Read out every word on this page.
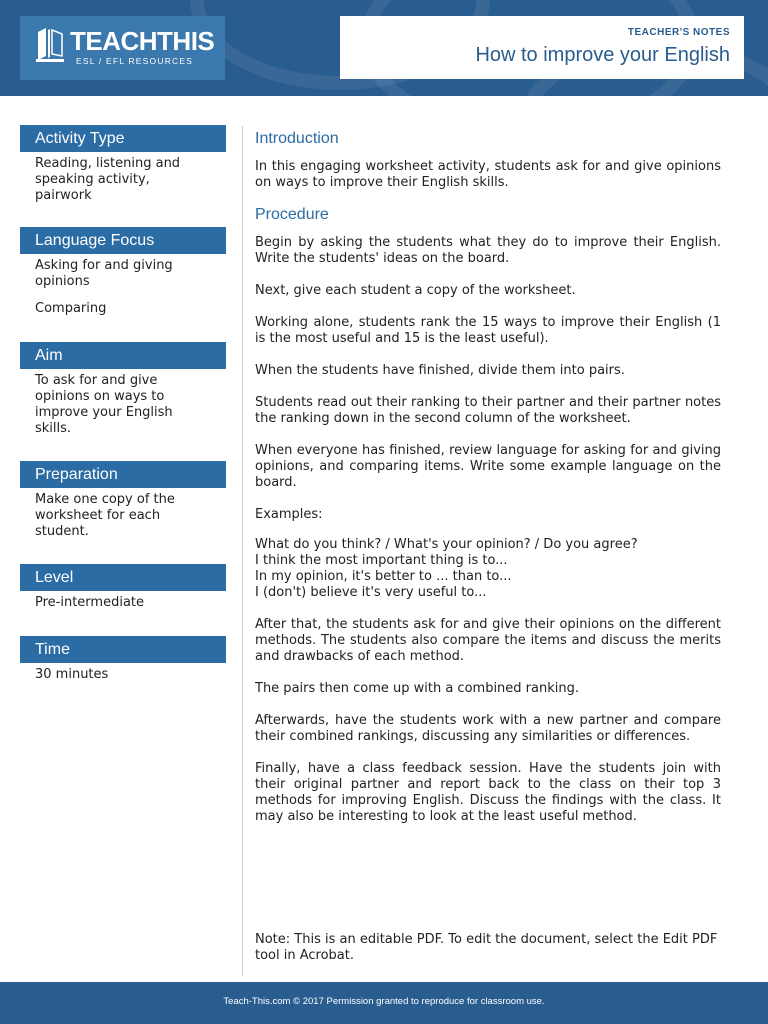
TEACHTHIS
ESL / EFL RESOURCES
TEACHER'S NOTES
How to improve your English
Activity Type

Reading, listening and speaking activity, pairwork

Language Focus

Asking for and giving opinions

Comparing

Aim

To ask for and give opinions on ways to improve your English skills.

Preparation

Make one copy of the worksheet for each student.

Level

Pre-intermediate

Time

30 minutes

Introduction

In this engaging worksheet activity, students ask for and give opinions on ways to improve their English skills.

Procedure

Begin by asking the students what they do to improve their English. Write the students' ideas on the board.

Next, give each student a copy of the worksheet.

Working alone, students rank the 15 ways to improve their English (1 is the most useful and 15 is the least useful).

When the students have finished, divide them into pairs.

Students read out their ranking to their partner and their partner notes the ranking down in the second column of the worksheet.

When everyone has finished, review language for asking for and giving opinions, and comparing items. Write some example language on the board.

Examples:

What do you think? / What's your opinion? / Do you agree?

I think the most important thing is to...

In my opinion, it's better to ... than to...

I (don't) believe it's very useful to...

After that, the students ask for and give their opinions on the different methods. The students also compare the items and discuss the merits and drawbacks of each method.

The pairs then come up with a combined ranking.

Afterwards, have the students work with a new partner and compare their combined rankings, discussing any similarities or differences.

Finally, have a class feedback session. Have the students join with their original partner and report back to the class on their top 3 methods for improving English. Discuss the findings with the class. It may also be interesting to look at the least useful method.

Note: This is an editable PDF. To edit the document, select the Edit PDF tool in Acrobat.
Teach-This.com © 2017 Permission granted to reproduce for classroom use.
